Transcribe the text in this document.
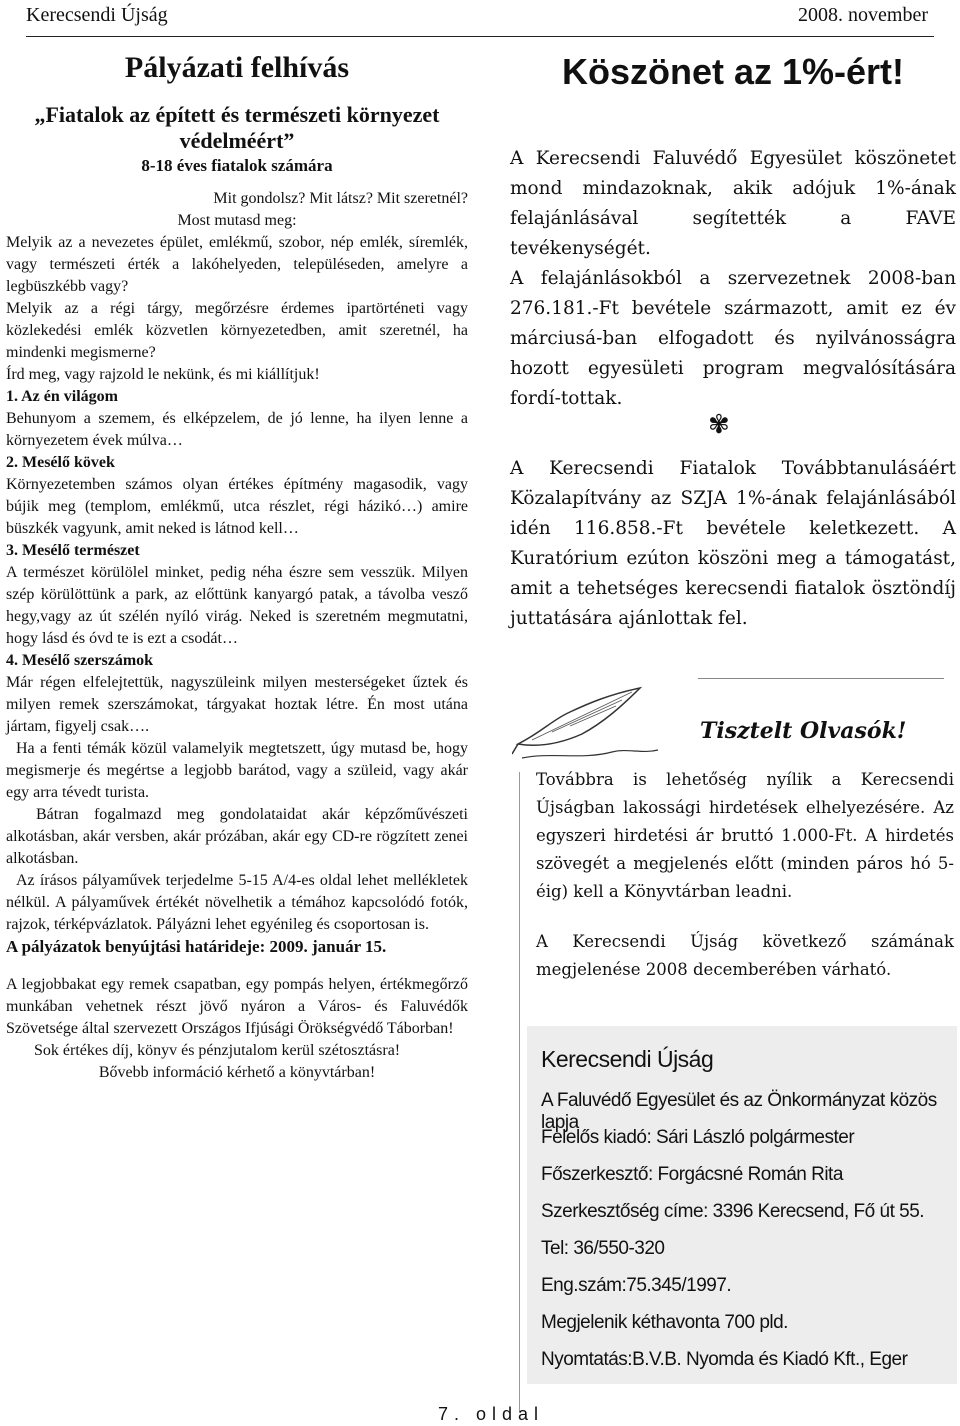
Kerecsendi Újság	2008. november
Pályázati felhívás
„Fiatalok az épített és természeti környezet
védelméért”
8-18 éves fiatalok számára

Mit gondolsz? Mit látsz? Mit szeretnél?

Most mutasd meg:

Melyik az a nevezetes épület, emlékmű, szobor, nép emlék, síremlék, vagy természeti érték a lakóhelyeden, településeden, amelyre a legbüszkébb vagy?

Melyik az a régi tárgy, megőrzésre érdemes ipartörténeti vagy közlekedési emlék közvetlen környezetedben, amit szeretnél, ha mindenki megismerne?

Írd meg, vagy rajzold le nekünk, és mi kiállítjuk!

1. Az én világom

Behunyom a szemem, és elképzelem, de jó lenne, ha ilyen lenne a környezetem évek múlva…

2. Mesélő kövek

Környezetemben számos olyan értékes építmény magasodik, vagy bújik meg (templom, emlékmű, utca részlet, régi házikó…) amire büszkék vagyunk, amit neked is látnod kell…

3. Mesélő természet

A természet körülölel minket, pedig néha észre sem vesszük. Milyen szép körülöttünk a park, az előttünk kanyargó patak, a távolba vesző hegy,vagy az út szélén nyíló virág. Neked is szeretném megmutatni, hogy lásd és óvd te is ezt a csodát…

4. Mesélő szerszámok

Már régen elfelejtettük, nagyszüleink milyen mesterségeket űztek és milyen remek szerszámokat, tárgyakat hoztak létre. Én most utána jártam, figyelj csak….

Ha a fenti témák közül valamelyik megtetszett, úgy mutasd be, hogy megismerje és megértse a legjobb barátod, vagy a szüleid, vagy akár egy arra tévedt turista.

Bátran fogalmazd meg gondolataidat akár képzőművészeti alkotásban, akár versben, akár prózában, akár egy CD-re rögzített zenei alkotásban.

Az írásos pályaművek terjedelme 5-15 A/4-es oldal lehet mellékletek nélkül. A pályaművek értékét növelhetik a témához kapcsolódó fotók, rajzok, térképvázlatok. Pályázni lehet egyénileg és csoportosan is.

A pályázatok benyújtási határideje: 2009. január 15.

A legjobbakat egy remek csapatban, egy pompás helyen, értékmegőrző munkában vehetnek részt jövő nyáron a Város- és Faluvédők Szövetsége által szervezett Országos Ifjúsági Örökségvédő Táborban!

Sok értékes díj, könyv és pénzjutalom kerül szétosztásra!

Bővebb információ kérhető a könyvtárban!

Köszönet az 1%-ért!

A Kerecsendi Faluvédő Egyesület köszönetet mond mindazoknak, akik adójuk 1%-ának felajánlásával segítették a FAVE tevékenységét.

A felajánlásokból a szervezetnek 2008-ban 276.181.-Ft bevétele származott, amit ez év márciusá-ban elfogadott és nyilvánosságra hozott egyesületi program megvalósítására fordí-tottak.

A Kerecsendi Fiatalok Továbbtanulásáért Közalapítvány az SZJA 1%-ának felajánlásából idén 116.858.-Ft bevétele keletkezett. A Kuratórium ezúton köszöni meg a támogatást, amit a tehetséges kerecsendi fiatalok ösztöndíj juttatására ajánlottak fel.

✾
Tisztelt Olvasók!

Továbbra is lehetőség nyílik a Kerecsendi Újságban lakossági hirdetések elhelyezésére. Az egyszeri hirdetési ár bruttó 1.000-Ft. A hirdetés szövegét a megjelenés előtt (minden páros hó 5-éig) kell a Könyvtárban leadni.

A Kerecsendi Újság következő számának megjelenése 2008 decemberében várható.

Kerecsendi Újság
A Faluvédő Egyesület és az Önkormányzat közös lapja
Felelős kiadó: Sári László polgármester
Főszerkesztő: Forgácsné Román Rita
Szerkesztőség címe: 3396 Kerecsend, Fő út 55.
Tel: 36/550-320
Eng.szám:75.345/1997.
Megjelenik kéthavonta 700 pld.
Nyomtatás:B.V.B. Nyomda és Kiadó Kft., Eger
7. oldal
